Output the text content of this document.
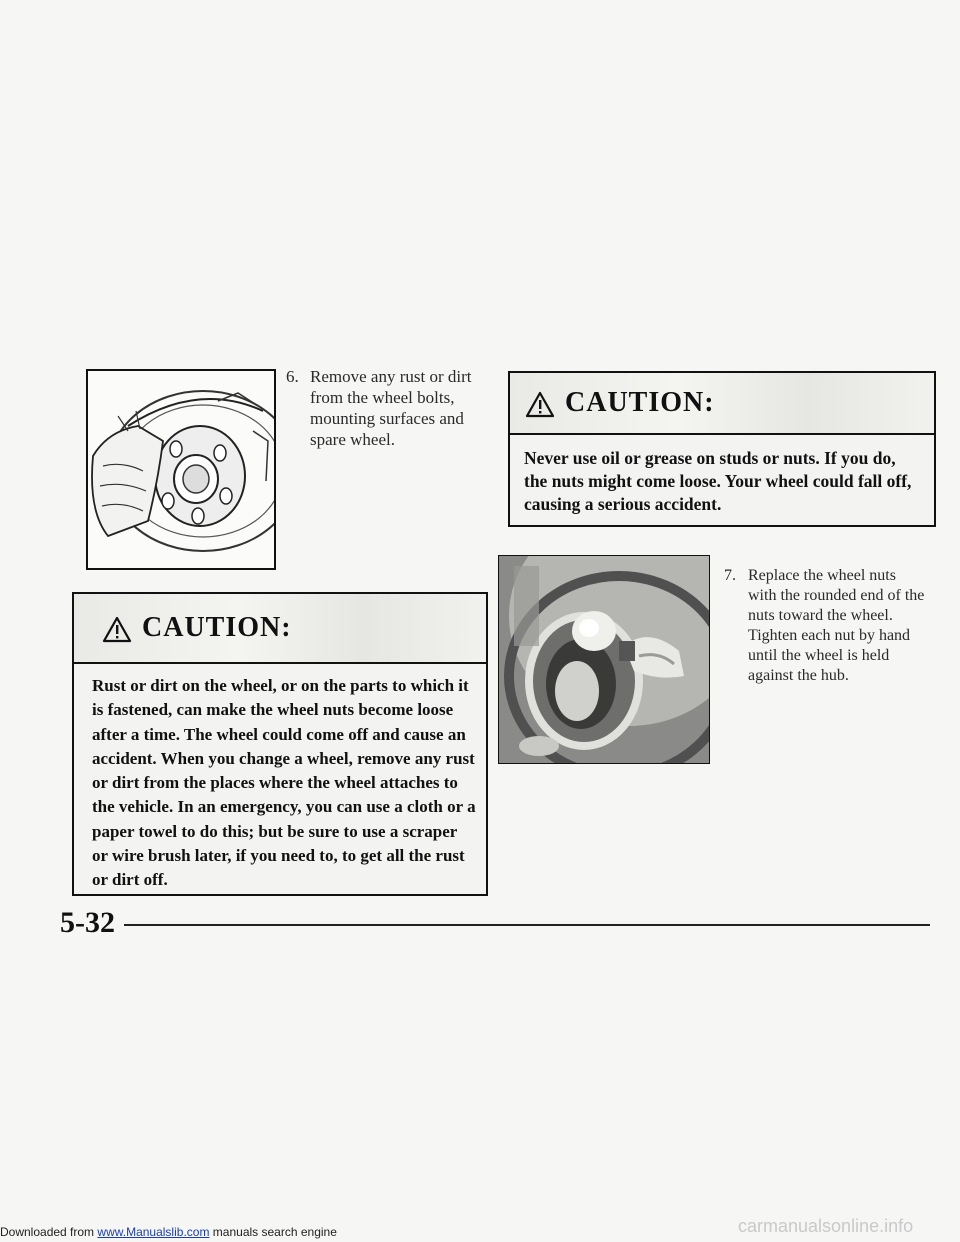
6. Remove any rust or dirt from the wheel bolts, mounting surfaces and spare wheel.
CAUTION:
Never use oil or grease on studs or nuts. If you do, the nuts might come loose. Your wheel could fall off, causing a serious accident.
7. Replace the wheel nuts with the rounded end of the nuts toward the wheel. Tighten each nut by hand until the wheel is held against the hub.
CAUTION:
Rust or dirt on the wheel, or on the parts to which it is fastened, can make the wheel nuts become loose after a time. The wheel could come off and cause an accident. When you change a wheel, remove any rust or dirt from the places where the wheel attaches to the vehicle. In an emergency, you can use a cloth or a paper towel to do this; but be sure to use a scraper or wire brush later, if you need to, to get all the rust or dirt off.
5-32
Downloaded from www.Manualslib.com manuals search engine	carmanualsonline.info
